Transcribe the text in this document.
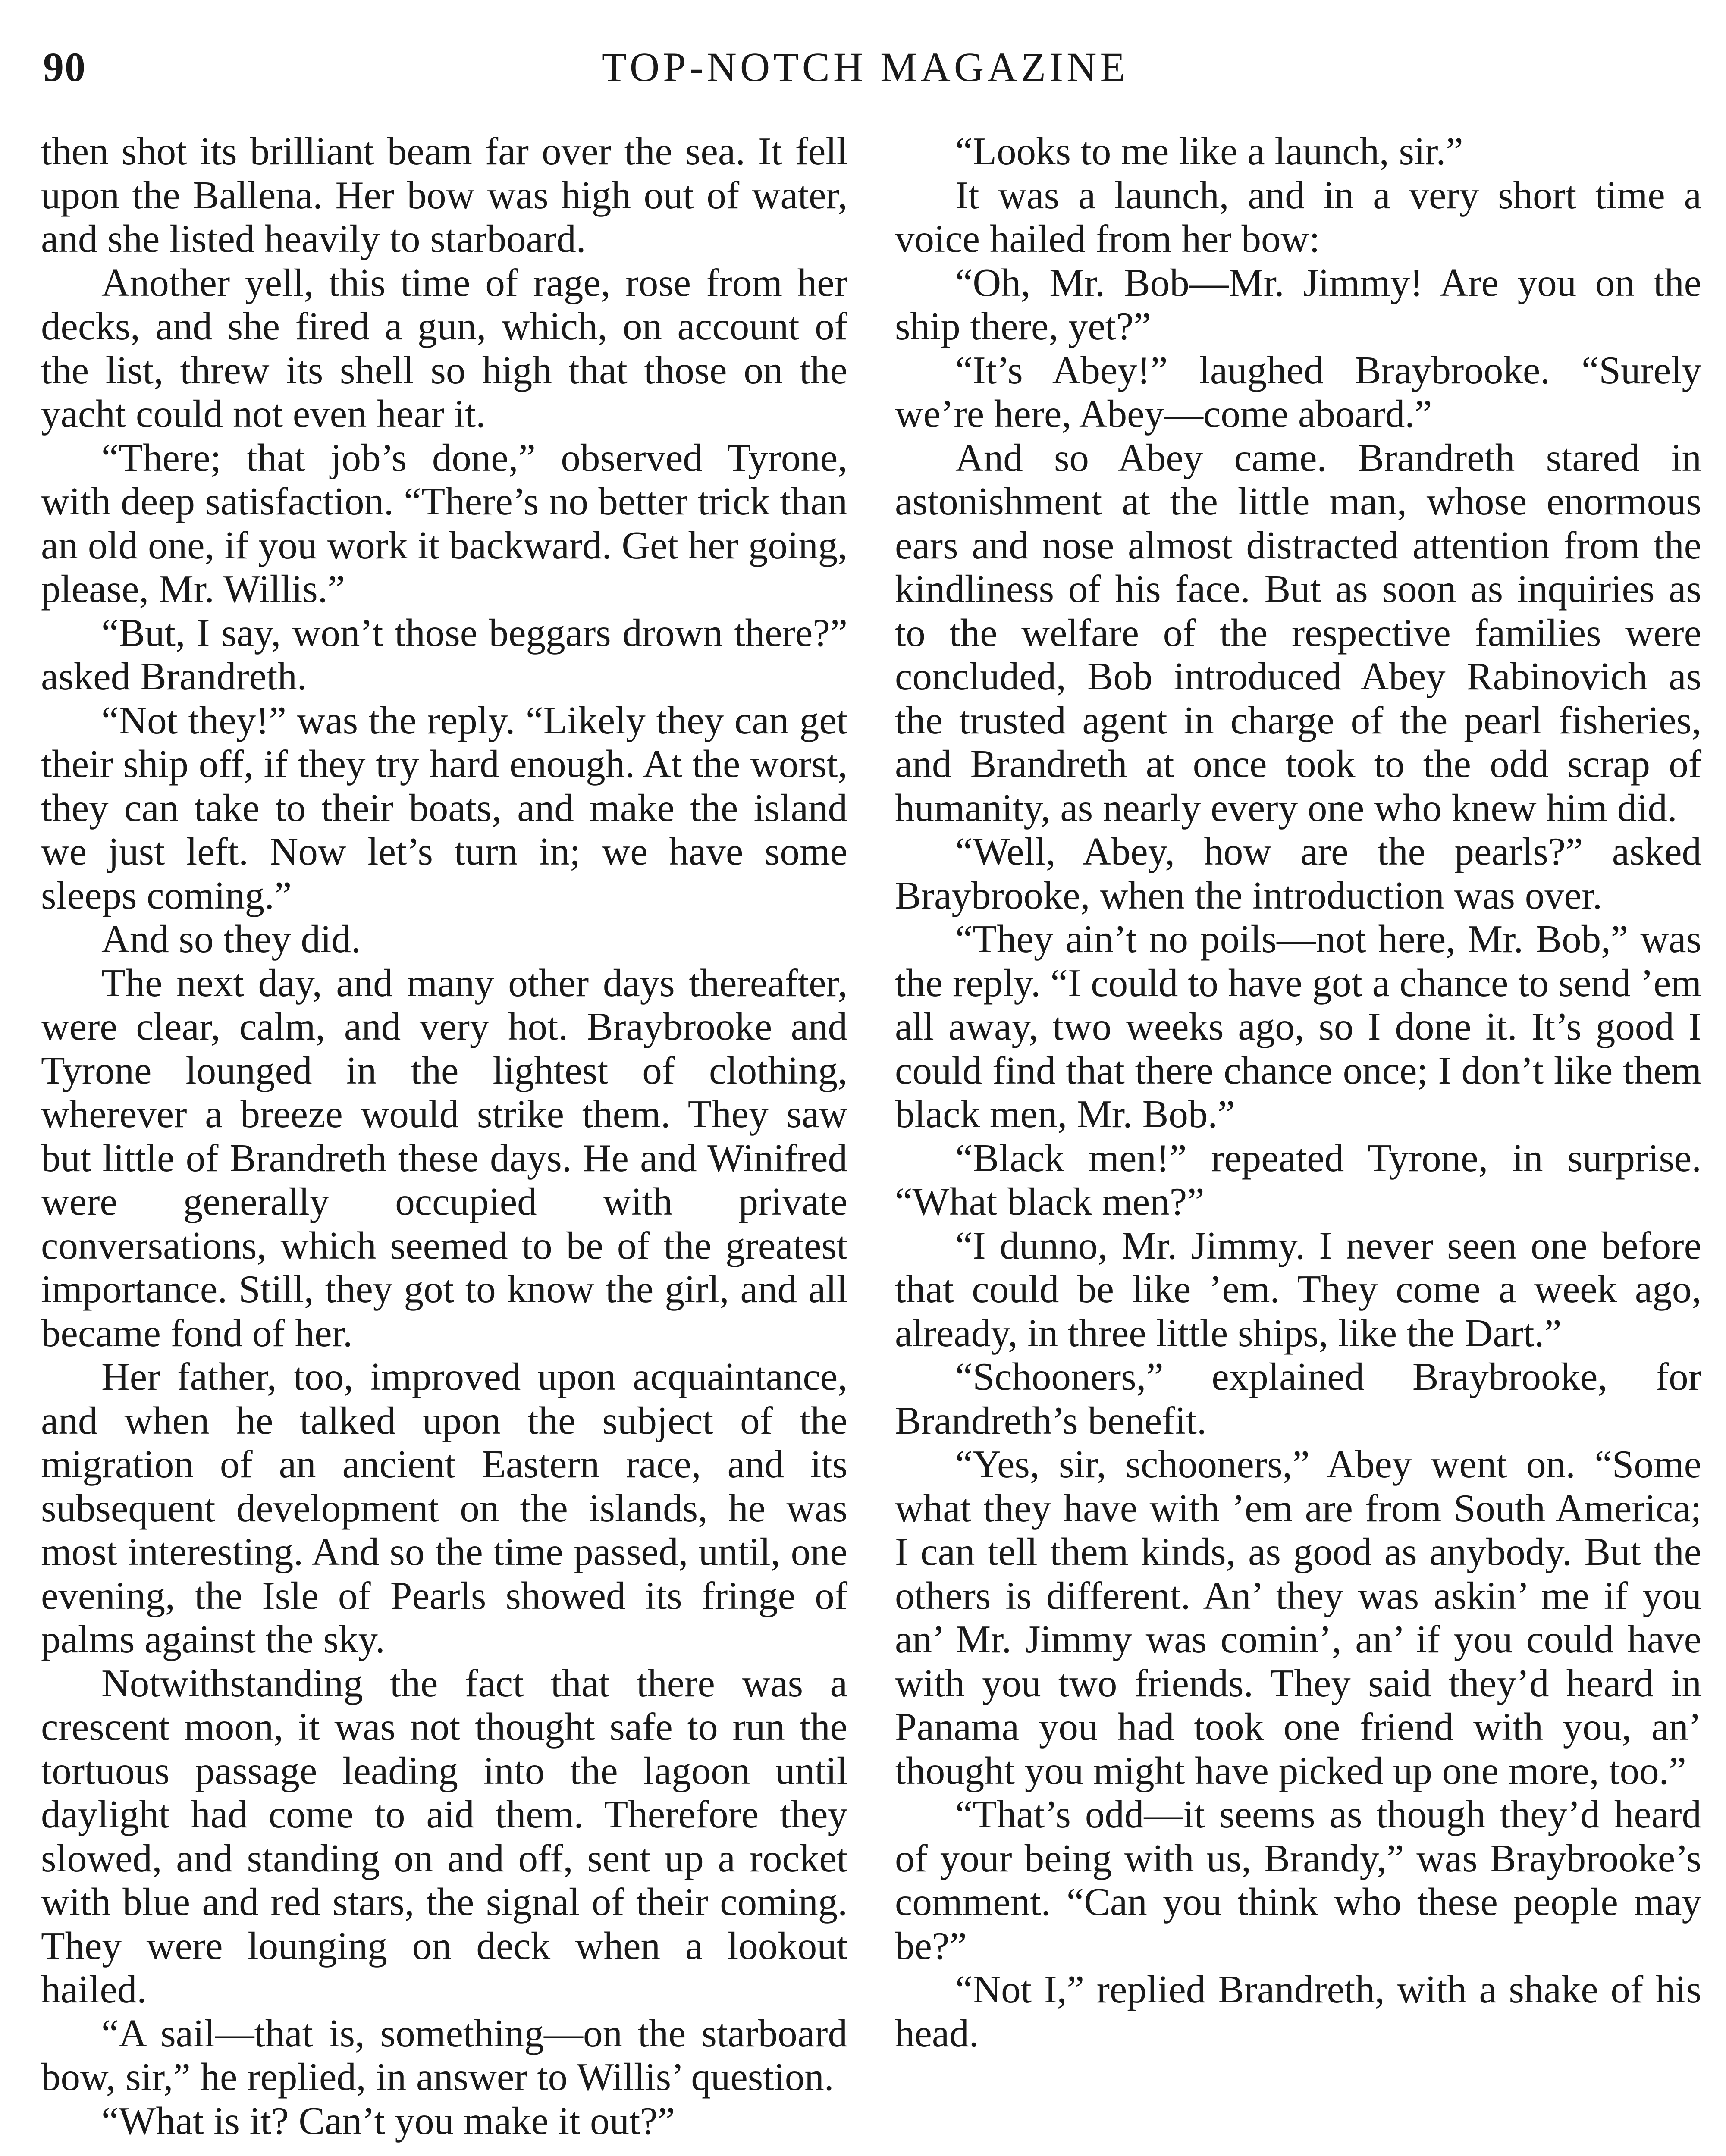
90	TOP-NOTCH MAGAZINE

then shot its brilliant beam far over the sea. It fell upon the Ballena. Her bow was high out of water, and she listed heavily to starboard.

Another yell, this time of rage, rose from her decks, and she fired a gun, which, on account of the list, threw its shell so high that those on the yacht could not even hear it.

“There; that job’s done,” observed Tyrone, with deep satisfaction. “There’s no better trick than an old one, if you work it backward. Get her going, please, Mr. Willis.”

“But, I say, won’t those beggars drown there?” asked Brandreth.

“Not they!” was the reply. “Likely they can get their ship off, if they try hard enough. At the worst, they can take to their boats, and make the island we just left. Now let’s turn in; we have some sleeps coming.”

And so they did.

The next day, and many other days thereafter, were clear, calm, and very hot. Braybrooke and Tyrone lounged in the lightest of clothing, wherever a breeze would strike them. They saw but little of Brandreth these days. He and Winifred were generally occupied with private conversations, which seemed to be of the greatest importance. Still, they got to know the girl, and all became fond of her.

Her father, too, improved upon acquaintance, and when he talked upon the subject of the migration of an ancient Eastern race, and its subsequent development on the islands, he was most interesting. And so the time passed, until, one evening, the Isle of Pearls showed its fringe of palms against the sky.

Notwithstanding the fact that there was a crescent moon, it was not thought safe to run the tortuous passage leading into the lagoon until daylight had come to aid them. Therefore they slowed, and standing on and off, sent up a rocket with blue and red stars, the signal of their coming. They were lounging on deck when a lookout hailed.

“A sail—that is, something—on the starboard bow, sir,” he replied, in answer to Willis’ question.

“What is it? Can’t you make it out?”

“Looks to me like a launch, sir.”

It was a launch, and in a very short time a voice hailed from her bow:

“Oh, Mr. Bob—Mr. Jimmy! Are you on the ship there, yet?”

“It’s Abey!” laughed Braybrooke. “Surely we’re here, Abey—come aboard.”

And so Abey came. Brandreth stared in astonishment at the little man, whose enormous ears and nose almost distracted attention from the kindliness of his face. But as soon as inquiries as to the welfare of the respective families were concluded, Bob introduced Abey Rabinovich as the trusted agent in charge of the pearl fisheries, and Brandreth at once took to the odd scrap of humanity, as nearly every one who knew him did.

“Well, Abey, how are the pearls?” asked Braybrooke, when the introduction was over.

“They ain’t no poils—not here, Mr. Bob,” was the reply. “I could to have got a chance to send ’em all away, two weeks ago, so I done it. It’s good I could find that there chance once; I don’t like them black men, Mr. Bob.”

“Black men!” repeated Tyrone, in surprise. “What black men?”

“I dunno, Mr. Jimmy. I never seen one before that could be like ’em. They come a week ago, already, in three little ships, like the Dart.”

“Schooners,” explained Braybrooke, for Brandreth’s benefit.

“Yes, sir, schooners,” Abey went on. “Some what they have with ’em are from South America; I can tell them kinds, as good as anybody. But the others is different. An’ they was askin’ me if you an’ Mr. Jimmy was comin’, an’ if you could have with you two friends. They said they’d heard in Panama you had took one friend with you, an’ thought you might have picked up one more, too.”

“That’s odd—it seems as though they’d heard of your being with us, Brandy,” was Braybrooke’s comment. “Can you think who these people may be?”

“Not I,” replied Brandreth, with a shake of his head.
